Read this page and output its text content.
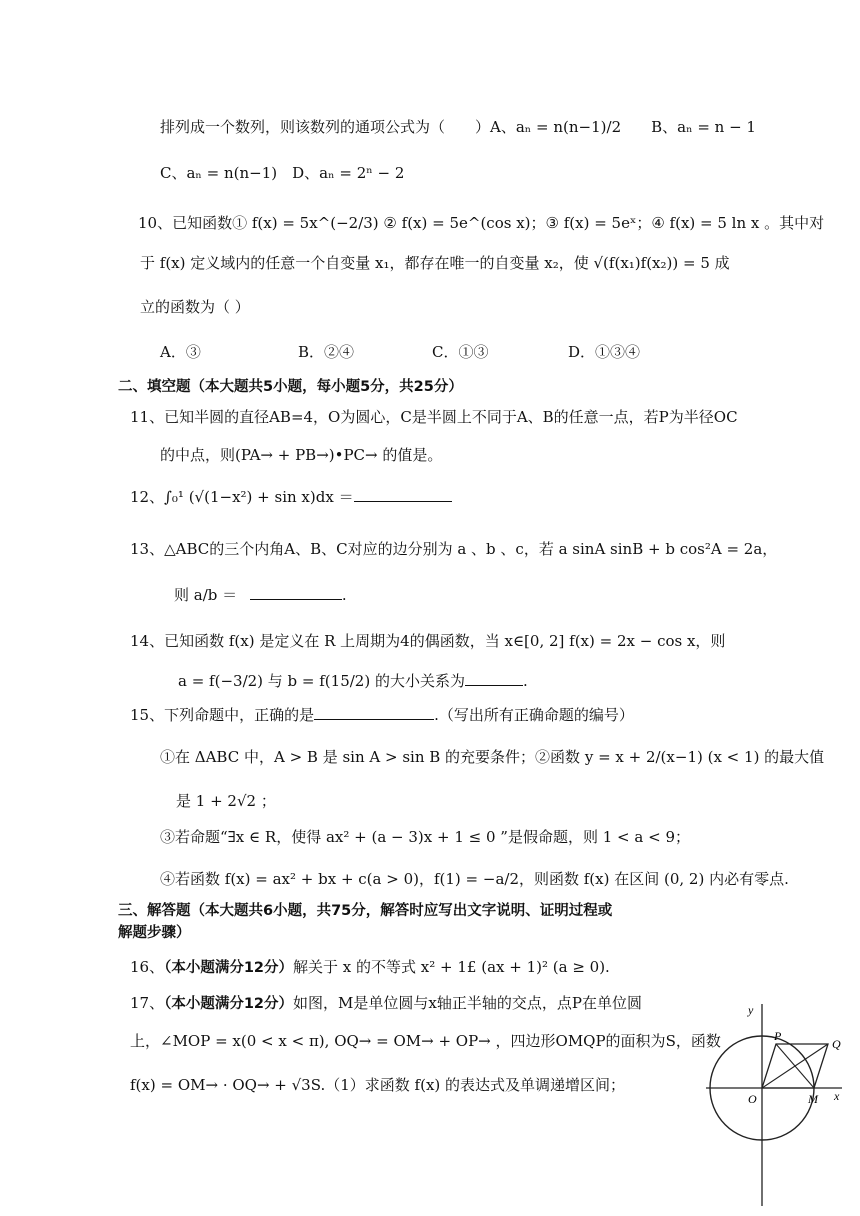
排列成一个数列，则该数列的通项公式为（　　）A、aₙ = n(n−1)/2　　B、aₙ = n − 1
C、aₙ = n(n−1)　D、aₙ = 2ⁿ − 2
10、已知函数① f(x) = 5x^(−2/3) ② f(x) = 5e^(cos x)；③ f(x) = 5eˣ；④ f(x) = 5 ln x 。其中对
于 f(x) 定义域内的任意一个自变量 x₁，都存在唯一的自变量 x₂，使 √(f(x₁)f(x₂)) = 5 成
立的函数为（ ）
A．③	B．②④	C．①③	D．①③④
二、填空题（本大题共5小题，每小题5分，共25分）
11、已知半圆的直径AB=4，O为圆心，C是半圆上不同于A、B的任意一点，若P为半径OC
的中点，则(PA→ + PB→)•PC→ 的值是。
12、∫₀¹ (√(1−x²) + sin x)dx ＝
13、△ABC的三个内角A、B、C对应的边分别为 a 、b 、c，若 a sinA sinB + b cos²A = 2a，
则 a/b ＝	.
14、已知函数 f(x) 是定义在 R 上周期为4的偶函数，当 x∈[0, 2] f(x) = 2x − cos x，则
a = f(−3/2) 与 b = f(15/2) 的大小关系为	.
15、下列命题中，正确的是	.（写出所有正确命题的编号）
①在 ΔABC 中，A > B 是 sin A > sin B 的充要条件；②函数 y = x + 2/(x−1) (x < 1) 的最大值
是 1 + 2√2 ；
③若命题“∃x ∈ R，使得 ax² + (a − 3)x + 1 ≤ 0 ”是假命题，则 1 < a < 9；
④若函数 f(x) = ax² + bx + c(a > 0)，f(1) = −a/2，则函数 f(x) 在区间 (0, 2) 内必有零点.
三、解答题（本大题共6小题，共75分，解答时应写出文字说明、证明过程或
解题步骤）
16、（本小题满分12分）解关于 x 的不等式 x² + 1£ (ax + 1)² (a ≥ 0).
17、（本小题满分12分）如图，M是单位圆与x轴正半轴的交点，点P在单位圆
上，∠MOP = x(0 < x < π), OQ→ = OM→ + OP→ ，四边形OMQP的面积为S，函数
f(x) = OM→ · OQ→ + √3S.（1）求函数 f(x) 的表达式及单调递增区间；
y
P
Q
O	M x
